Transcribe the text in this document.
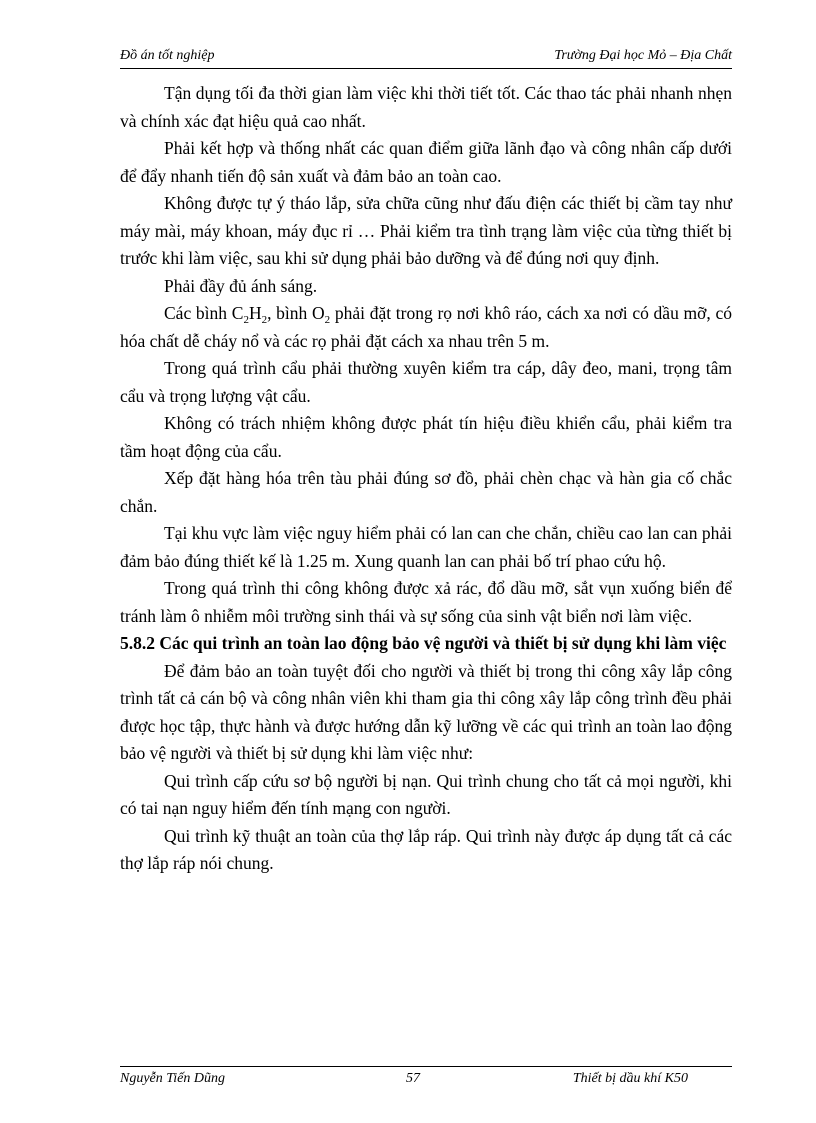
Đồ án tốt nghiệp	Trường Đại học Mỏ – Địa Chất

Tận dụng tối đa thời gian làm việc khi thời tiết tốt. Các thao tác phải nhanh nhẹn và chính xác đạt hiệu quả cao nhất.

Phải kết hợp và thống nhất các quan điểm giữa lãnh đạo và công nhân cấp dưới để đẩy nhanh tiến độ sản xuất và đảm bảo an toàn cao.

Không được tự ý tháo lắp, sửa chữa cũng như đấu điện các thiết bị cầm tay như máy mài, máy khoan, máy đục rỉ … Phải kiểm tra tình trạng làm việc của từng thiết bị trước khi làm việc, sau khi sử dụng phải bảo dưỡng và để đúng nơi quy định.

Phải đầy đủ ánh sáng.

Các bình $C_2H_2$, bình $O_2$ phải đặt trong rọ nơi khô ráo, cách xa nơi có dầu mỡ, có hóa chất dễ cháy nổ và các rọ phải đặt cách xa nhau trên 5 m.

Trong quá trình cẩu phải thường xuyên kiểm tra cáp, dây đeo, mani, trọng tâm cẩu và trọng lượng vật cẩu.

Không có trách nhiệm không được phát tín hiệu điều khiển cẩu, phải kiểm tra tầm hoạt động của cẩu.

Xếp đặt hàng hóa trên tàu phải đúng sơ đồ, phải chèn chạc và hàn gia cố chắc chắn.

Tại khu vực làm việc nguy hiểm phải có lan can che chắn, chiều cao lan can phải đảm bảo đúng thiết kế là 1.25 m. Xung quanh lan can phải bố trí phao cứu hộ.

Trong quá trình thi công không được xả rác, đổ dầu mỡ, sắt vụn xuống biển để tránh làm ô nhiễm môi trường sinh thái và sự sống của sinh vật biển nơi làm việc.

5.8.2 Các qui trình an toàn lao động bảo vệ người và thiết bị sử dụng khi làm việc

Để đảm bảo an toàn tuyệt đối cho người và thiết bị trong thi công xây lắp công trình tất cả cán bộ và công nhân viên khi tham gia thi công xây lắp công trình đều phải được học tập, thực hành và được hướng dẫn kỹ lưỡng về các qui trình an toàn lao động bảo vệ người và thiết bị sử dụng khi làm việc như:

Qui trình cấp cứu sơ bộ người bị nạn. Qui trình chung cho tất cả mọi người, khi có tai nạn nguy hiểm đến tính mạng con người.

Qui trình kỹ thuật an toàn của thợ lắp ráp. Qui trình này được áp dụng tất cả các thợ lắp ráp nói chung.

Nguyễn Tiến Dũng	57	Thiết bị dầu khí K50
